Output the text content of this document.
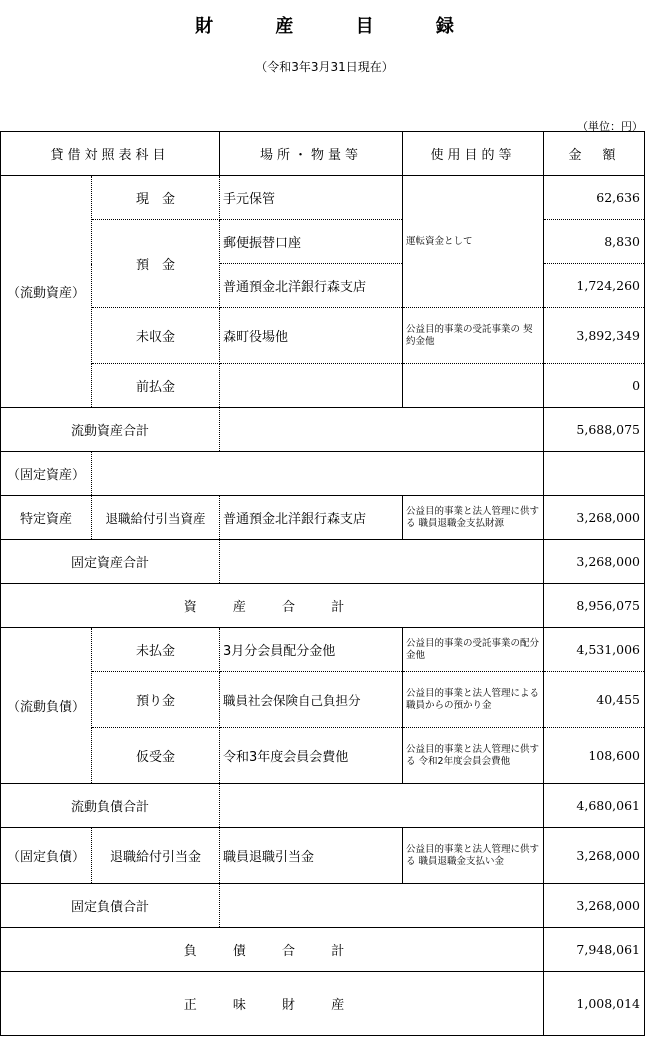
財 産 目 録
（令和3年3月31日現在）
（単位：円）
貸借対照表科目		場所・物量等	使用目的等	金　額
（流動資産）	現　金	手元保管	運転資金として	62,636
	預　金	郵便振替口座		8,830
		普通預金北洋銀行森支店		1,724,260
	未収金	森町役場他	公益目的事業の受託事業の 契約金他	3,892,349
	前払金			0
流動資産合計				5,688,075
（固定資産）				
特定資産	退職給付引当資産	普通預金北洋銀行森支店	公益目的事業と法人管理に供する 職員退職金支払財源	3,268,000
固定資産合計				3,268,000
資 産 合 計				8,956,075
（流動負債）	未払金	3月分会員配分金他	公益目的事業の受託事業の配分金他	4,531,006
	預り金	職員社会保険自己負担分	公益目的事業と法人管理による職員からの預かり金	40,455
	仮受金	令和3年度会員会費他	公益目的事業と法人管理に供する 令和2年度会員会費他	108,600
流動負債合計				4,680,061
（固定負債）	退職給付引当金	職員退職引当金	公益目的事業と法人管理に供する 職員退職金支払い金	3,268,000
固定負債合計				3,268,000
負 債 合 計				7,948,061
正 味 財 産				1,008,014
